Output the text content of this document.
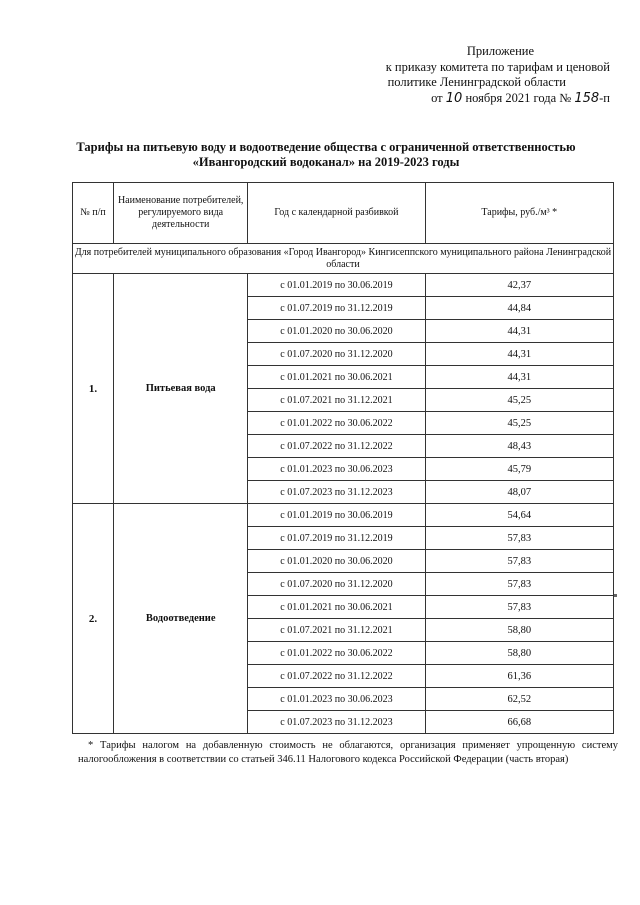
Приложение
к приказу комитета по тарифам и ценовой
политике Ленинградской области
от 10 ноября 2021 года № 158-п
Тарифы на питьевую воду и водоотведение общества с ограниченной ответственностью
«Ивангородский водоканал» на 2019-2023 годы
№ п/п	Наименование потребителей, регулируемого вида деятельности	Год с календарной разбивкой	Тарифы, руб./м³ *
Для потребителей муниципального образования «Город Ивангород» Кингисеппского муниципального района Ленинградской области			
1.	Питьевая вода	с 01.01.2019 по 30.06.2019	42,37
		с 01.07.2019 по 31.12.2019	44,84
		с 01.01.2020 по 30.06.2020	44,31
		с 01.07.2020 по 31.12.2020	44,31
		с 01.01.2021 по 30.06.2021	44,31
		с 01.07.2021 по 31.12.2021	45,25
		с 01.01.2022 по 30.06.2022	45,25
		с 01.07.2022 по 31.12.2022	48,43
		с 01.01.2023 по 30.06.2023	45,79
		с 01.07.2023 по 31.12.2023	48,07
2.	Водоотведение	с 01.01.2019 по 30.06.2019	54,64
		с 01.07.2019 по 31.12.2019	57,83
		с 01.01.2020 по 30.06.2020	57,83
		с 01.07.2020 по 31.12.2020	57,83
		с 01.01.2021 по 30.06.2021	57,83
		с 01.07.2021 по 31.12.2021	58,80
		с 01.01.2022 по 30.06.2022	58,80
		с 01.07.2022 по 31.12.2022	61,36
		с 01.01.2023 по 30.06.2023	62,52
		с 01.07.2023 по 31.12.2023	66,68
* Тарифы налогом на добавленную стоимость не облагаются, организация применяет упрощенную систему налогообложения в соответствии со статьей 346.11 Налогового кодекса Российской Федерации (часть вторая)
